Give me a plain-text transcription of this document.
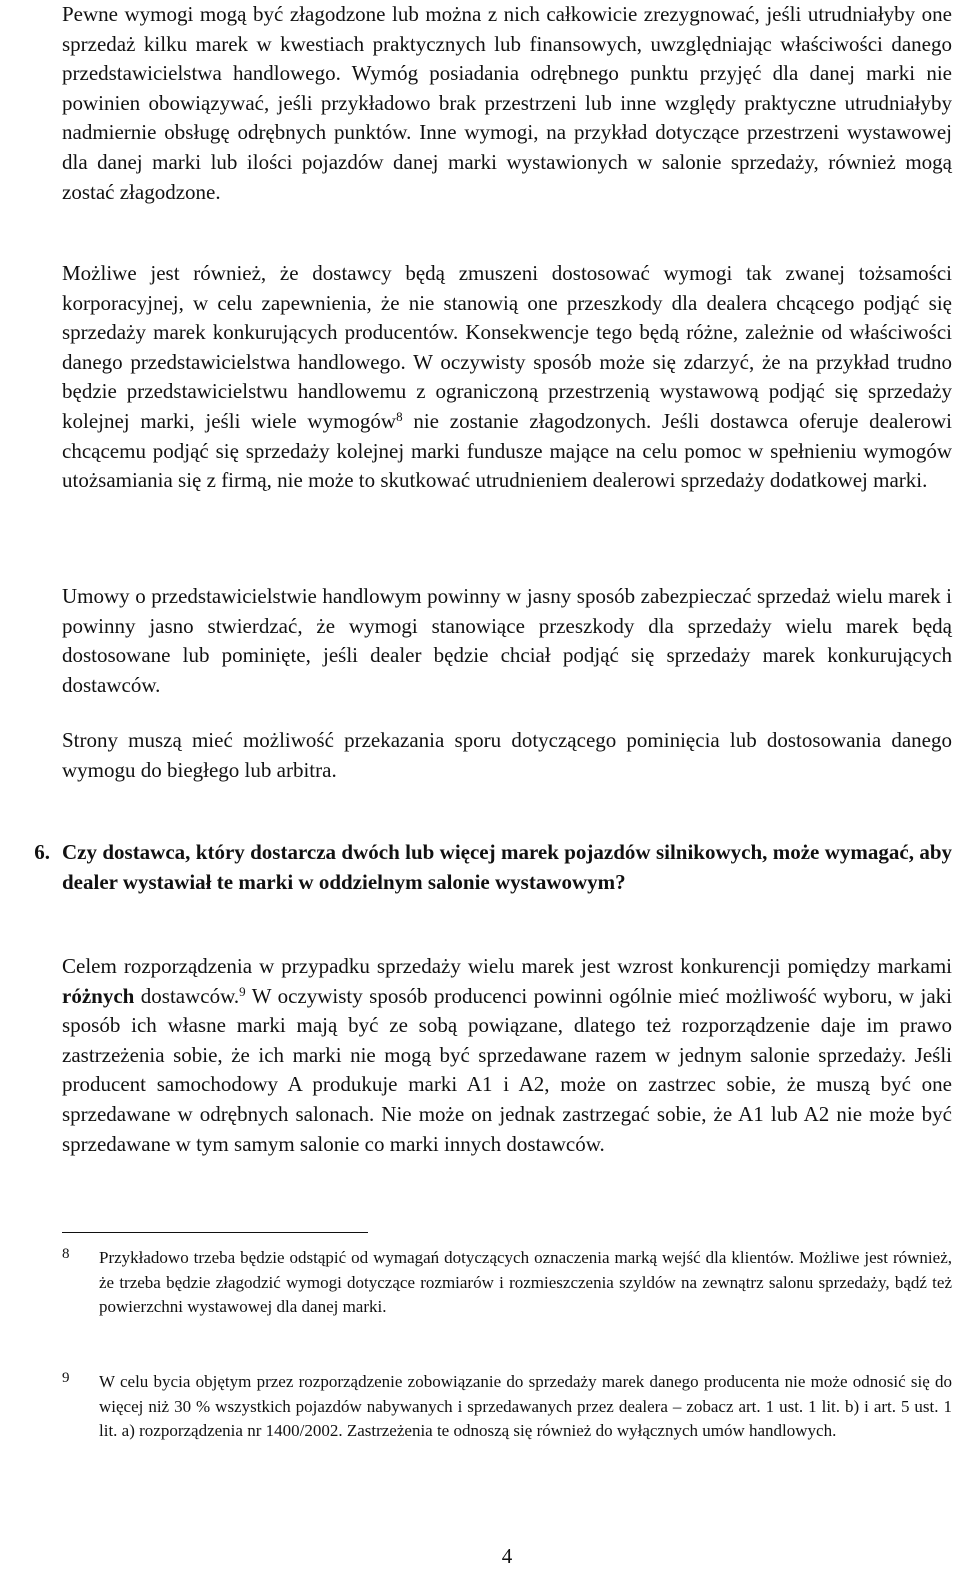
Pewne wymogi mogą być złagodzone lub można z nich całkowicie zrezygnować, jeśli utrudniałyby one sprzedaż kilku marek w kwestiach praktycznych lub finansowych, uwzględniając właściwości danego przedstawicielstwa handlowego. Wymóg posiadania odrębnego punktu przyjęć dla danej marki nie powinien obowiązywać, jeśli przykładowo brak przestrzeni lub inne względy praktyczne utrudniałyby nadmiernie obsługę odrębnych punktów. Inne wymogi, na przykład dotyczące przestrzeni wystawowej dla danej marki lub ilości pojazdów danej marki wystawionych w salonie sprzedaży, również mogą zostać złagodzone.

Możliwe jest również, że dostawcy będą zmuszeni dostosować wymogi tak zwanej tożsamości korporacyjnej, w celu zapewnienia, że nie stanowią one przeszkody dla dealera chcącego podjąć się sprzedaży marek konkurujących producentów. Konsekwencje tego będą różne, zależnie od właściwości danego przedstawicielstwa handlowego. W oczywisty sposób może się zdarzyć, że na przykład trudno będzie przedstawicielstwu handlowemu z ograniczoną przestrzenią wystawową podjąć się sprzedaży kolejnej marki, jeśli wiele wymogów$^8$ nie zostanie złagodzonych. Jeśli dostawca oferuje dealerowi chcącemu podjąć się sprzedaży kolejnej marki fundusze mające na celu pomoc w spełnieniu wymogów utożsamiania się z firmą, nie może to skutkować utrudnieniem dealerowi sprzedaży dodatkowej marki.

Umowy o przedstawicielstwie handlowym powinny w jasny sposób zabezpieczać sprzedaż wielu marek i powinny jasno stwierdzać, że wymogi stanowiące przeszkody dla sprzedaży wielu marek będą dostosowane lub pominięte, jeśli dealer będzie chciał podjąć się sprzedaży marek konkurujących dostawców.

Strony muszą mieć możliwość przekazania sporu dotyczącego pominięcia lub dostosowania danego wymogu do biegłego lub arbitra.

6. Czy dostawca, który dostarcza dwóch lub więcej marek pojazdów silnikowych, może wymagać, aby dealer wystawiał te marki w oddzielnym salonie wystawowym?

Celem rozporządzenia w przypadku sprzedaży wielu marek jest wzrost konkurencji pomiędzy markami różnych dostawców.$^9$ W oczywisty sposób producenci powinni ogólnie mieć możliwość wyboru, w jaki sposób ich własne marki mają być ze sobą powiązane, dlatego też rozporządzenie daje im prawo zastrzeżenia sobie, że ich marki nie mogą być sprzedawane razem w jednym salonie sprzedaży. Jeśli producent samochodowy A produkuje marki A1 i A2, może on zastrzec sobie, że muszą być one sprzedawane w odrębnych salonach. Nie może on jednak zastrzegać sobie, że A1 lub A2 nie może być sprzedawane w tym samym salonie co marki innych dostawców.

8 Przykładowo trzeba będzie odstąpić od wymagań dotyczących oznaczenia marką wejść dla klientów. Możliwe jest również, że trzeba będzie złagodzić wymogi dotyczące rozmiarów i rozmieszczenia szyldów na zewnątrz salonu sprzedaży, bądź też powierzchni wystawowej dla danej marki.
9 W celu bycia objętym przez rozporządzenie zobowiązanie do sprzedaży marek danego producenta nie może odnosić się do więcej niż 30 % wszystkich pojazdów nabywanych i sprzedawanych przez dealera – zobacz art. 1 ust. 1 lit. b) i art. 5 ust. 1 lit. a) rozporządzenia nr 1400/2002. Zastrzeżenia te odnoszą się również do wyłącznych umów handlowych.
4
